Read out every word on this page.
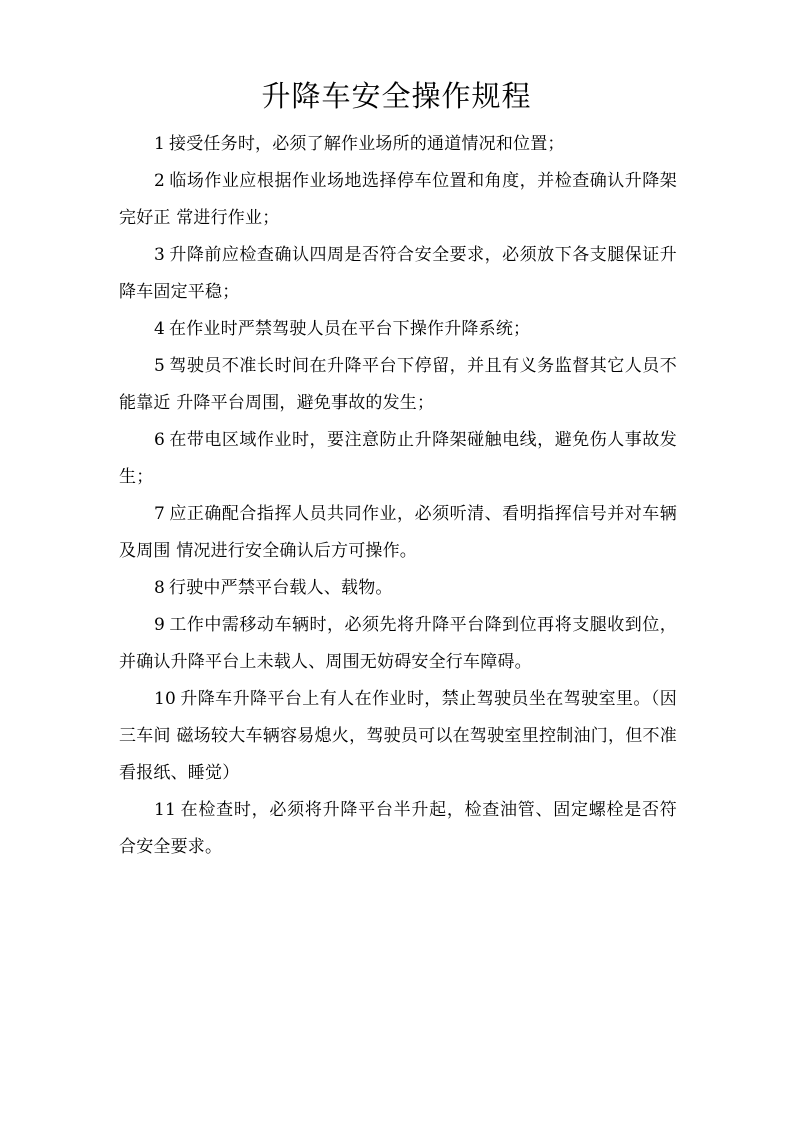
升降车安全操作规程

1 接受任务时，必须了解作业场所的通道情况和位置；

2 临场作业应根据作业场地选择停车位置和角度，并检查确认升降架完好正 常进行作业；

3 升降前应检查确认四周是否符合安全要求，必须放下各支腿保证升降车固定平稳；

4 在作业时严禁驾驶人员在平台下操作升降系统；

5 驾驶员不准长时间在升降平台下停留，并且有义务监督其它人员不能靠近 升降平台周围，避免事故的发生；

6 在带电区域作业时，要注意防止升降架碰触电线，避免伤人事故发生；

7 应正确配合指挥人员共同作业，必须听清、看明指挥信号并对车辆及周围 情况进行安全确认后方可操作。

8 行驶中严禁平台载人、载物。

9 工作中需移动车辆时，必须先将升降平台降到位再将支腿收到位，并确认升降平台上未载人、周围无妨碍安全行车障碍。

10 升降车升降平台上有人在作业时，禁止驾驶员坐在驾驶室里。（因三车间 磁场较大车辆容易熄火，驾驶员可以在驾驶室里控制油门，但不准看报纸、睡觉）

11 在检查时，必须将升降平台半升起，检查油管、固定螺栓是否符合安全要求。
